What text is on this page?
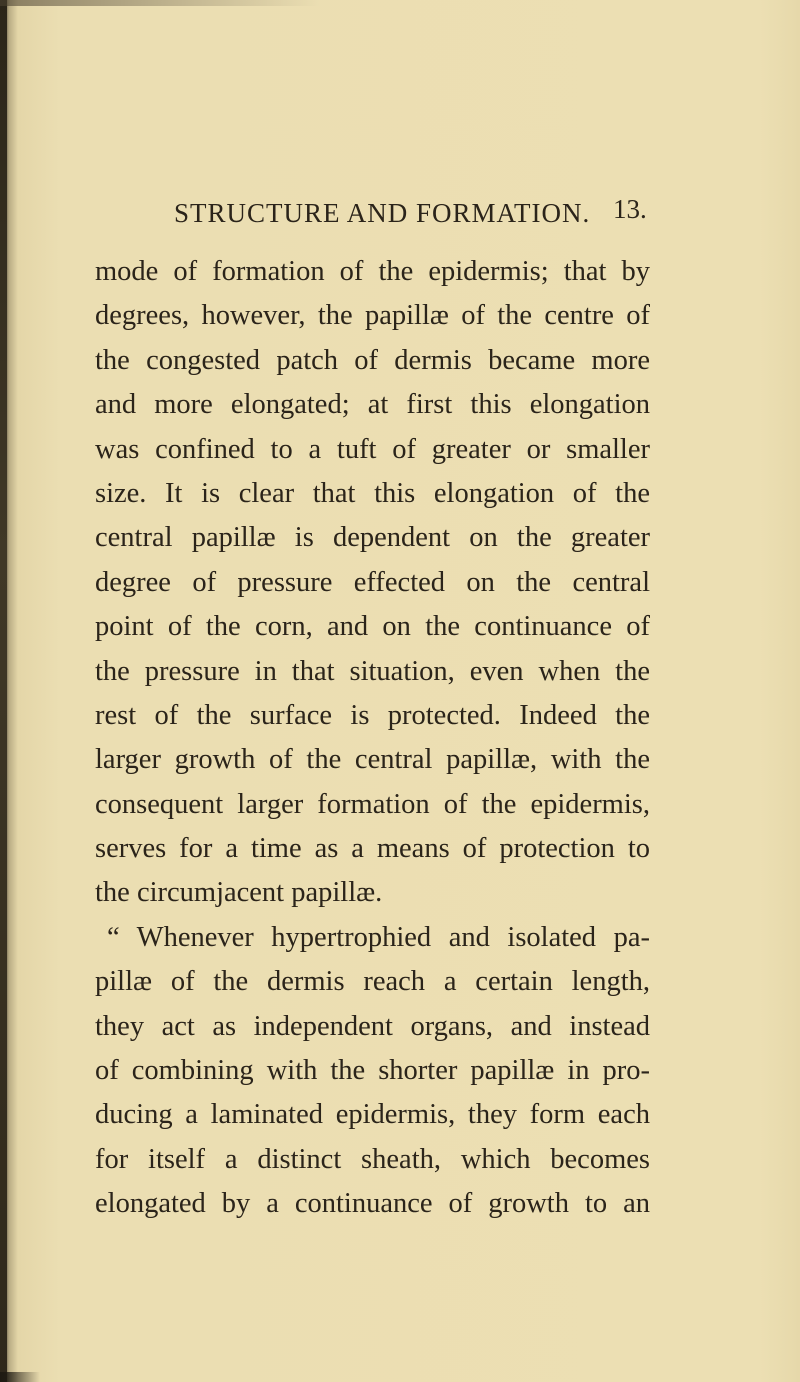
STRUCTURE AND FORMATION. 13.
mode of formation of the epidermis; that by
degrees, however, the papillæ of the centre of
the congested patch of dermis became more
and more elongated; at first this elongation
was confined to a tuft of greater or smaller
size. It is clear that this elongation of the
central papillæ is dependent on the greater
degree of pressure effected on the central
point of the corn, and on the continuance of
the pressure in that situation, even when the
rest of the surface is protected. Indeed the
larger growth of the central papillæ, with the
consequent larger formation of the epidermis,
serves for a time as a means of protection to
the circumjacent papillæ.
“ Whenever hypertrophied and isolated pa-
pillæ of the dermis reach a certain length,
they act as independent organs, and instead
of combining with the shorter papillæ in pro-
ducing a laminated epidermis, they form each
for itself a distinct sheath, which becomes
elongated by a continuance of growth to an
